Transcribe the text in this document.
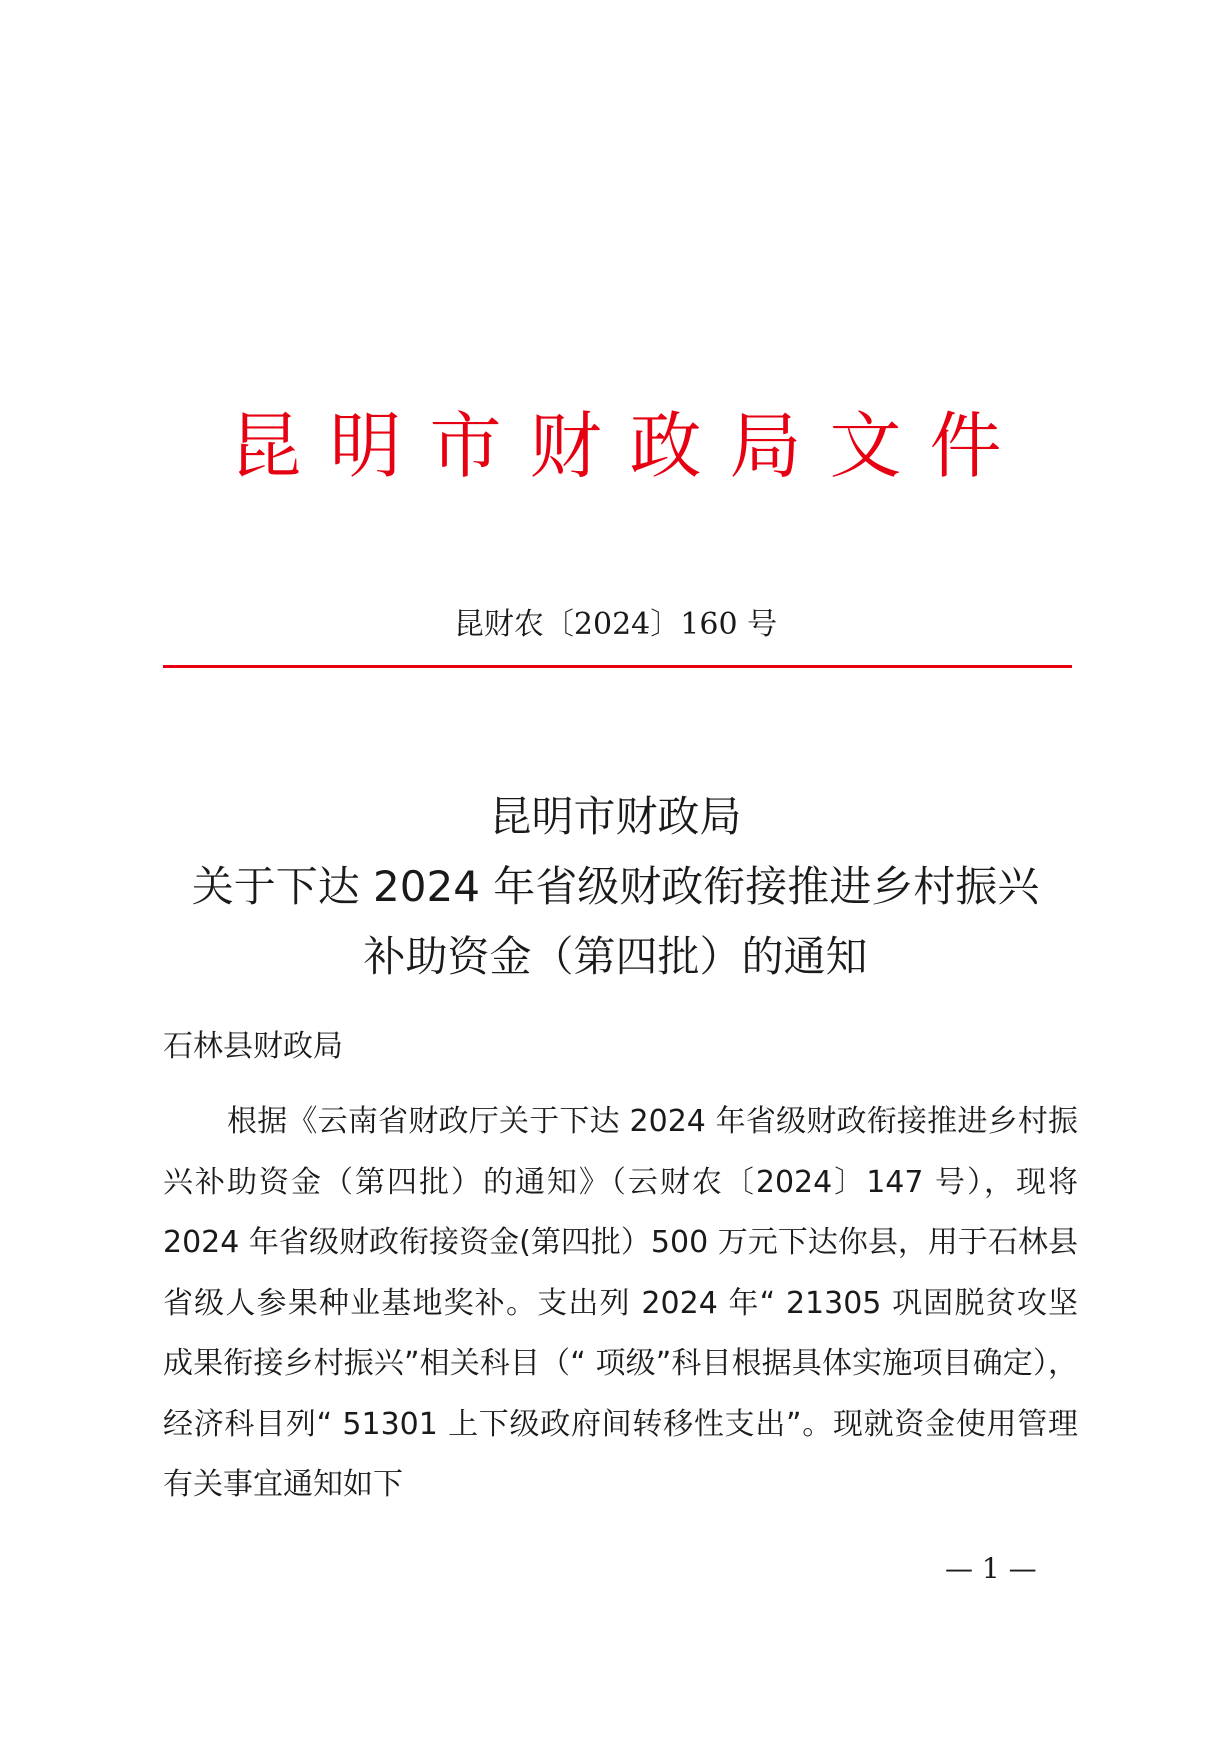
昆明市财政局文件
昆财农〔2024〕160 号
昆明市财政局
关于下达 2024 年省级财政衔接推进乡村振兴
补助资金（第四批）的通知
石林县财政局

根据《云南省财政厅关于下达 2024 年省级财政衔接推进乡村振兴补助资金（第四批）的通知》（云财农〔2024〕147 号），现将 2024 年省级财政衔接资金(第四批）500 万元下达你县，用于石林县省级人参果种业基地奖补。支出列 2024 年“ 21305 巩固脱贫攻坚成果衔接乡村振兴”相关科目（“ 项级”科目根据具体实施项目确定），经济科目列“ 51301 上下级政府间转移性支出”。现就资金使用管理有关事宜通知如下

— 1 —
